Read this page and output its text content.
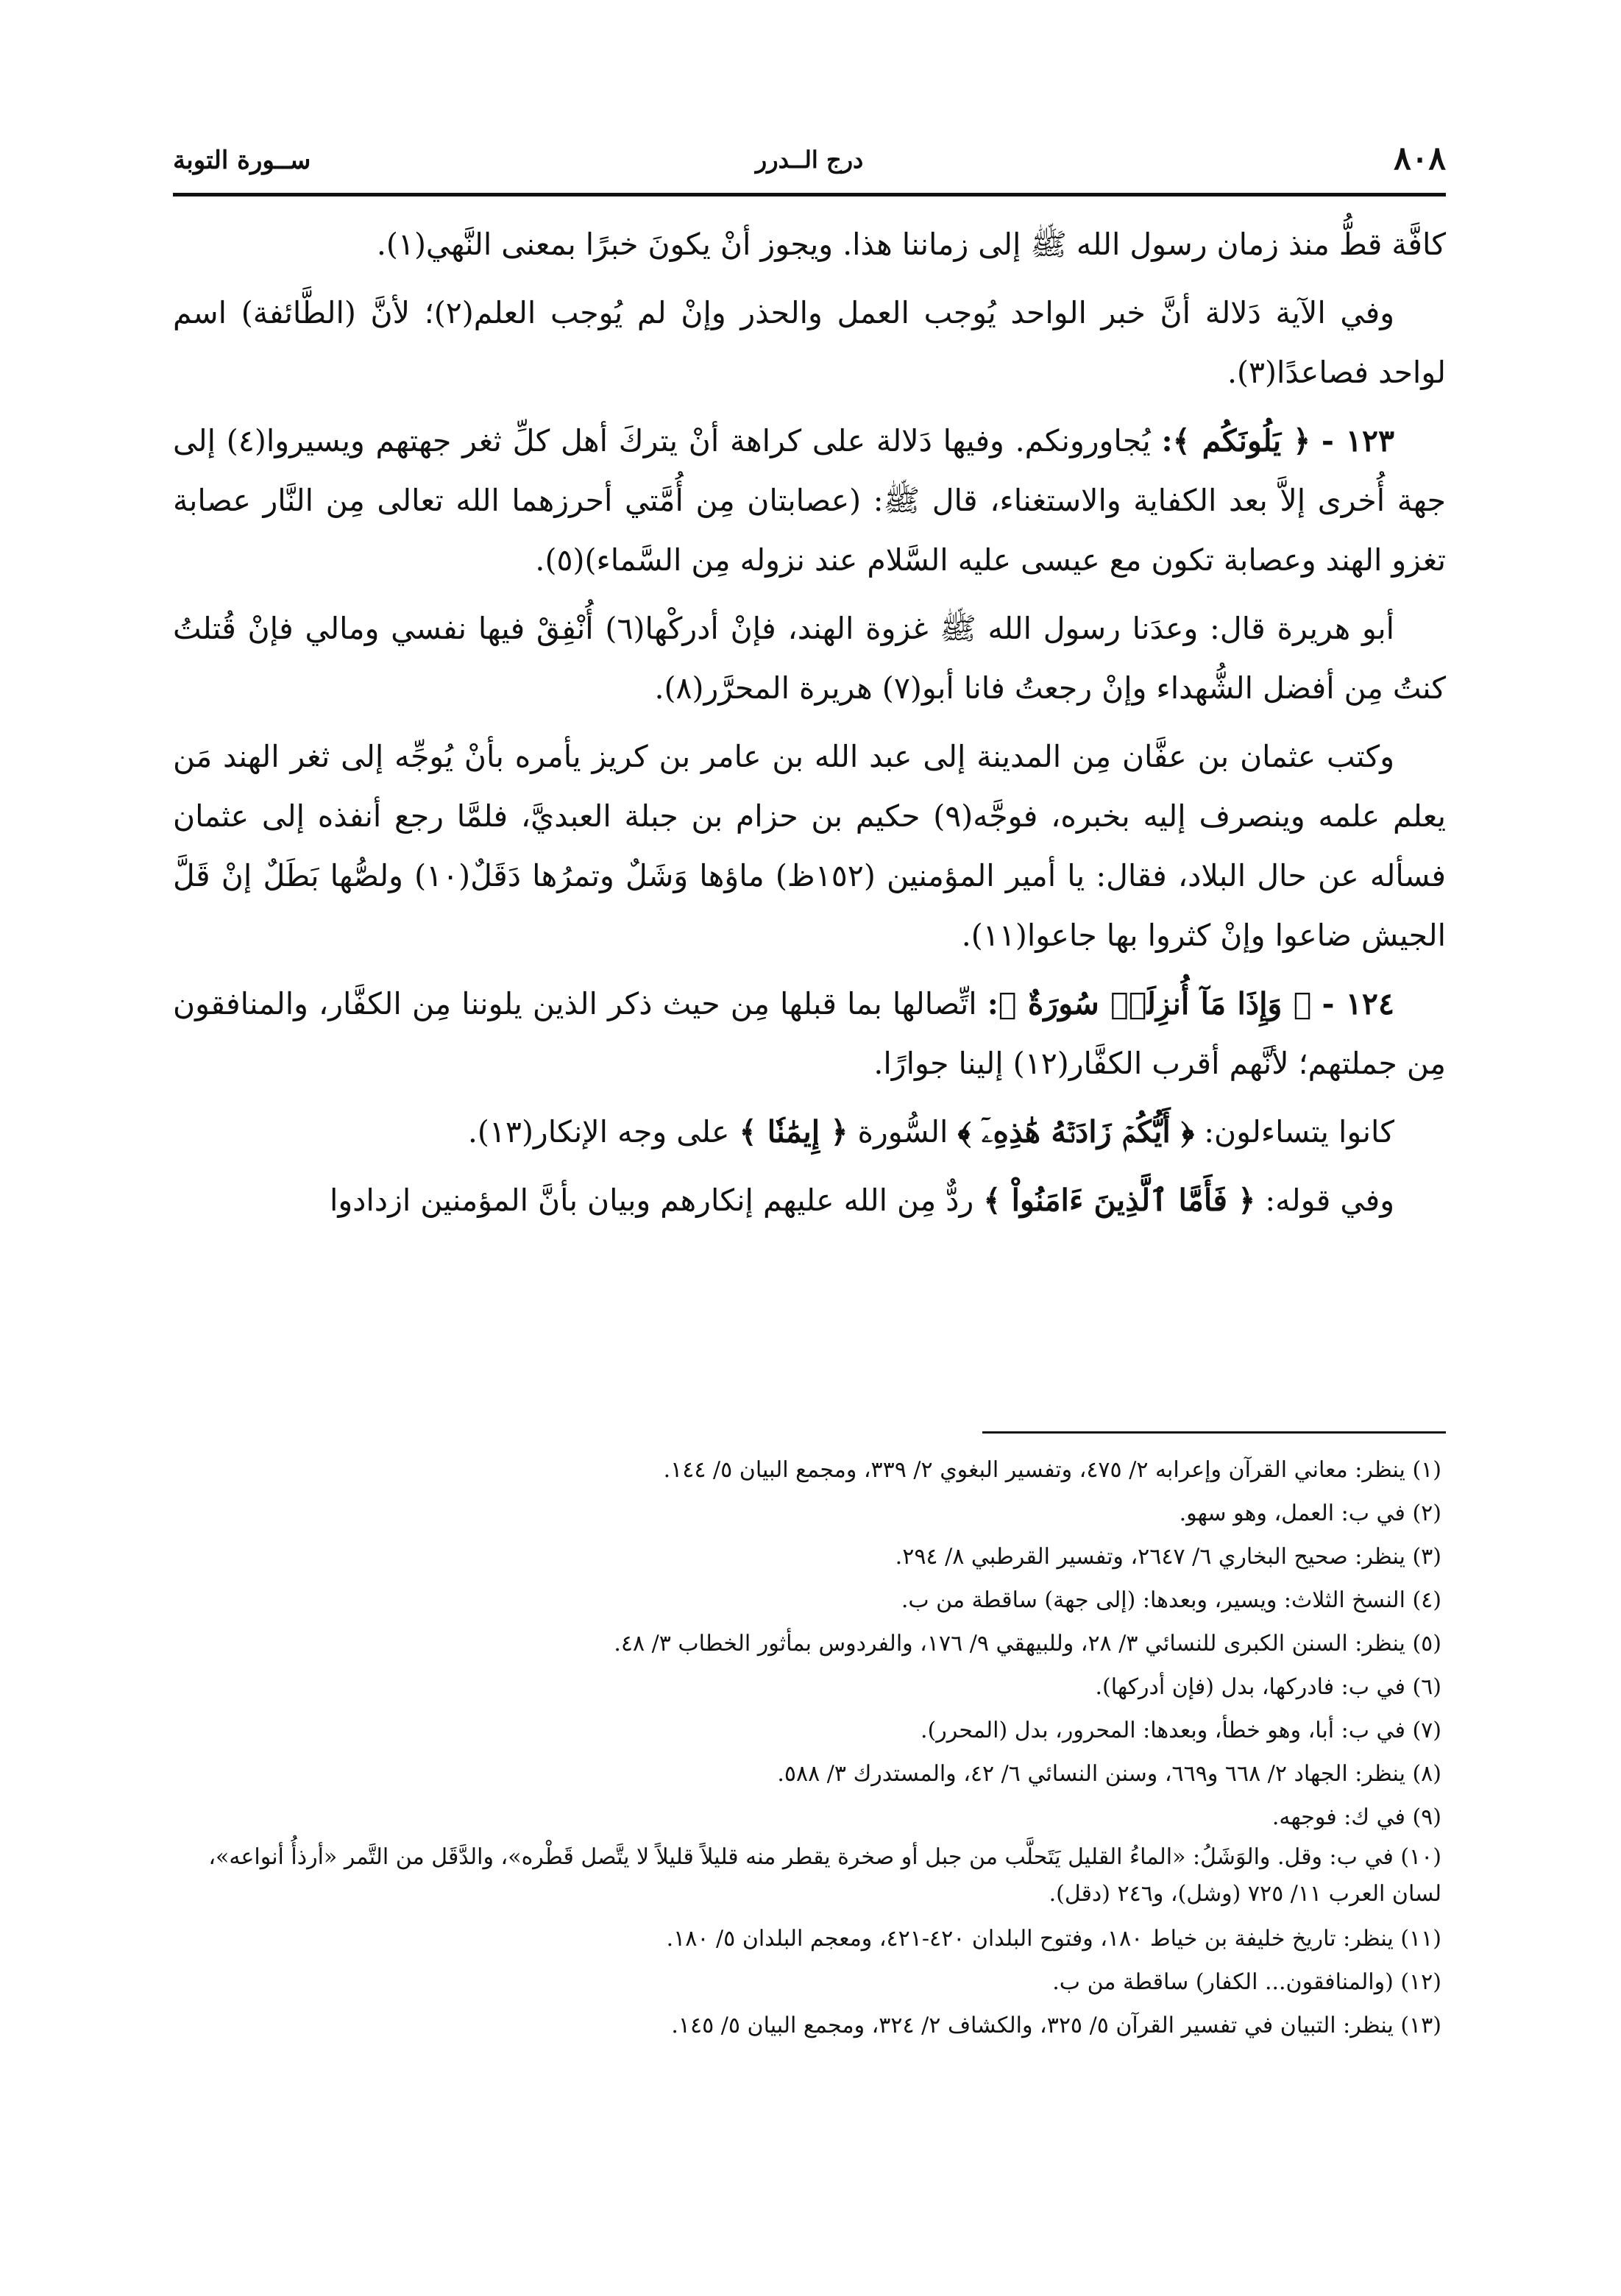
٨٠٨
درج الــدرر
ســورة التوبة

كافَّة قطُّ منذ زمان رسول الله ﷺ إلى زماننا هذا. ويجوز أنْ يكونَ خبرًا بمعنى النَّهي(١).

وفي الآية دَلالة أنَّ خبر الواحد يُوجب العمل والحذر وإنْ لم يُوجب العلم(٢)؛ لأنَّ (الطَّائفة) اسم لواحد فصاعدًا(٣).

١٢٣ - ﴿ يَلُونَكُم ﴾: يُجاورونكم. وفيها دَلالة على كراهة أنْ يتركَ أهل كلِّ ثغر جهتهم ويسيروا(٤) إلى جهة أُخرى إلاَّ بعد الكفاية والاستغناء، قال ﷺ: (عصابتان مِن أُمَّتي أحرزهما الله تعالى مِن النَّار عصابة تغزو الهند وعصابة تكون مع عيسى عليه السَّلام عند نزوله مِن السَّماء)(٥).

أبو هريرة قال: وعدَنا رسول الله ﷺ غزوة الهند، فإنْ أدركْها(٦) أُنْفِقْ فيها نفسي ومالي فإنْ قُتلتُ كنتُ مِن أفضل الشُّهداء وإنْ رجعتُ فانا أبو(٧) هريرة المحرَّر(٨).

وكتب عثمان بن عفَّان مِن المدينة إلى عبد الله بن عامر بن كريز يأمره بأنْ يُوجِّه إلى ثغر الهند مَن يعلم علمه وينصرف إليه بخبره، فوجَّه(٩) حكيم بن حزام بن جبلة العبديَّ، فلمَّا رجع أنفذه إلى عثمان فسأله عن حال البلاد، فقال: يا أمير المؤمنين (١٥٢ظ) ماؤها وَشَلٌ وتمرُها دَقَلٌ(١٠) ولصُّها بَطَلٌ إنْ قَلَّ الجيش ضاعوا وإنْ كثروا بها جاعوا(١١).

١٢٤ - ﴿ وَإِذَا مَآ أُنزِلَتۡ سُورَةٌ ﴾: اتِّصالها بما قبلها مِن حيث ذكر الذين يلوننا مِن الكفَّار، والمنافقون مِن جملتهم؛ لأنَّهم أقرب الكفَّار(١٢) إلينا جوارًا.

كانوا يتساءلون: ﴿ أَيُّكُمۡ زَادَتۡهُ هَٰذِهِۦٓ ﴾ السُّورة ﴿ إِيمَٰنٗا ﴾ على وجه الإنكار(١٣).

وفي قوله: ﴿ فَأَمَّا ٱلَّذِينَ ءَامَنُواْ ﴾ ردٌّ مِن الله عليهم إنكارهم وبيان بأنَّ المؤمنين ازدادوا

(١) ينظر: معاني القرآن وإعرابه ٢/ ٤٧٥، وتفسير البغوي ٢/ ٣٣٩، ومجمع البيان ٥/ ١٤٤.

(٢) في ب: العمل، وهو سهو.

(٣) ينظر: صحيح البخاري ٦/ ٢٦٤٧، وتفسير القرطبي ٨/ ٢٩٤.

(٤) النسخ الثلاث: ويسير، وبعدها: (إلى جهة) ساقطة من ب.

(٥) ينظر: السنن الكبرى للنسائي ٣/ ٢٨، وللبيهقي ٩/ ١٧٦، والفردوس بمأثور الخطاب ٣/ ٤٨.

(٦) في ب: فادركها، بدل (فإن أدركها).

(٧) في ب: أبا، وهو خطأ، وبعدها: المحرور، بدل (المحرر).

(٨) ينظر: الجهاد ٢/ ٦٦٨ و٦٦٩، وسنن النسائي ٦/ ٤٢، والمستدرك ٣/ ٥٨٨.

(٩) في ك: فوجهه.

(١٠) في ب: وقل. والوَشَلُ: «الماءُ القليل يَتَحلَّب من جبل أو صخرة يقطر منه قليلاً قليلاً لا يتَّصل قَطْره»، والدَّقَل من التَّمر «أرذأُ أنواعه»، لسان العرب ١١/ ٧٢٥ (وشل)، و٢٤٦ (دقل).

(١١) ينظر: تاريخ خليفة بن خياط ١٨٠، وفتوح البلدان ٤٢٠-٤٢١، ومعجم البلدان ٥/ ١٨٠.

(١٢) (والمنافقون... الكفار) ساقطة من ب.

(١٣) ينظر: التبيان في تفسير القرآن ٥/ ٣٢٥، والكشاف ٢/ ٣٢٤، ومجمع البيان ٥/ ١٤٥.
